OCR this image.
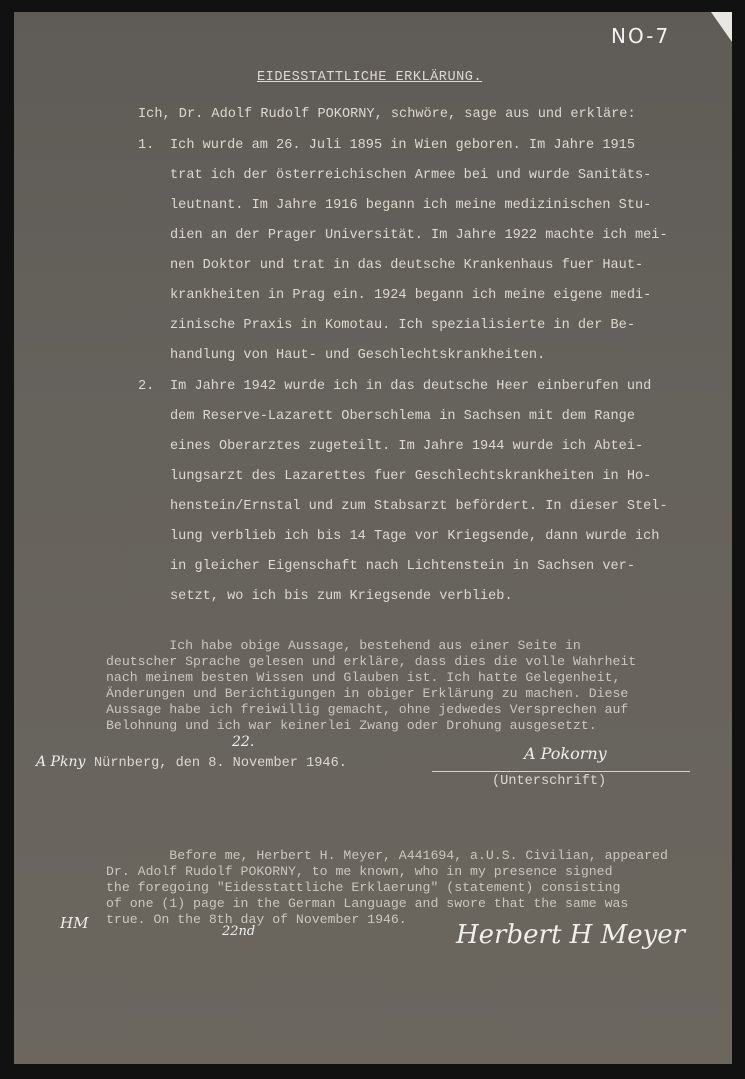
NO-7
EIDESSTATTLICHE ERKLÄRUNG.
Ich, Dr. Adolf Rudolf POKORNY, schwöre, sage aus und erkläre:
1. Ich wurde am 26. Juli 1895 in Wien geboren. Im Jahre 1915
trat ich der österreichischen Armee bei und wurde Sanitäts-
leutnant. Im Jahre 1916 begann ich meine medizinischen Stu-
dien an der Prager Universität. Im Jahre 1922 machte ich mei-
nen Doktor und trat in das deutsche Krankenhaus fuer Haut-
krankheiten in Prag ein. 1924 begann ich meine eigene medi-
zinische Praxis in Komotau. Ich spezialisierte in der Be-
handlung von Haut- und Geschlechtskrankheiten.
2. Im Jahre 1942 wurde ich in das deutsche Heer einberufen und
dem Reserve-Lazarett Oberschlema in Sachsen mit dem Range
eines Oberarztes zugeteilt. Im Jahre 1944 wurde ich Abtei-
lungsarzt des Lazarettes fuer Geschlechtskrankheiten in Ho-
henstein/Ernstal und zum Stabsarzt befördert. In dieser Stel-
lung verblieb ich bis 14 Tage vor Kriegsende, dann wurde ich
in gleicher Eigenschaft nach Lichtenstein in Sachsen ver-
setzt, wo ich bis zum Kriegsende verblieb.
Ich habe obige Aussage, bestehend aus einer Seite in
deutscher Sprache gelesen und erkläre, dass dies die volle Wahrheit
nach meinem besten Wissen und Glauben ist. Ich hatte Gelegenheit,
Änderungen und Berichtigungen in obiger Erklärung zu machen. Diese
Aussage habe ich freiwillig gemacht, ohne jedwedes Versprechen auf
Belohnung und ich war keinerlei Zwang oder Drohung ausgesetzt.
A Pkny
22.
Nürnberg, den 8. November 1946.
A Pokorny
(Unterschrift)
Before me, Herbert H. Meyer, A441694, a.U.S. Civilian, appeared
Dr. Adolf Rudolf POKORNY, to me known, who in my presence signed
the foregoing "Eidesstattliche Erklaerung" (statement) consisting
of one (1) page in the German Language and swore that the same was
true. On the 8th day of November 1946.
HM	22nd	Herbert H Meyer
